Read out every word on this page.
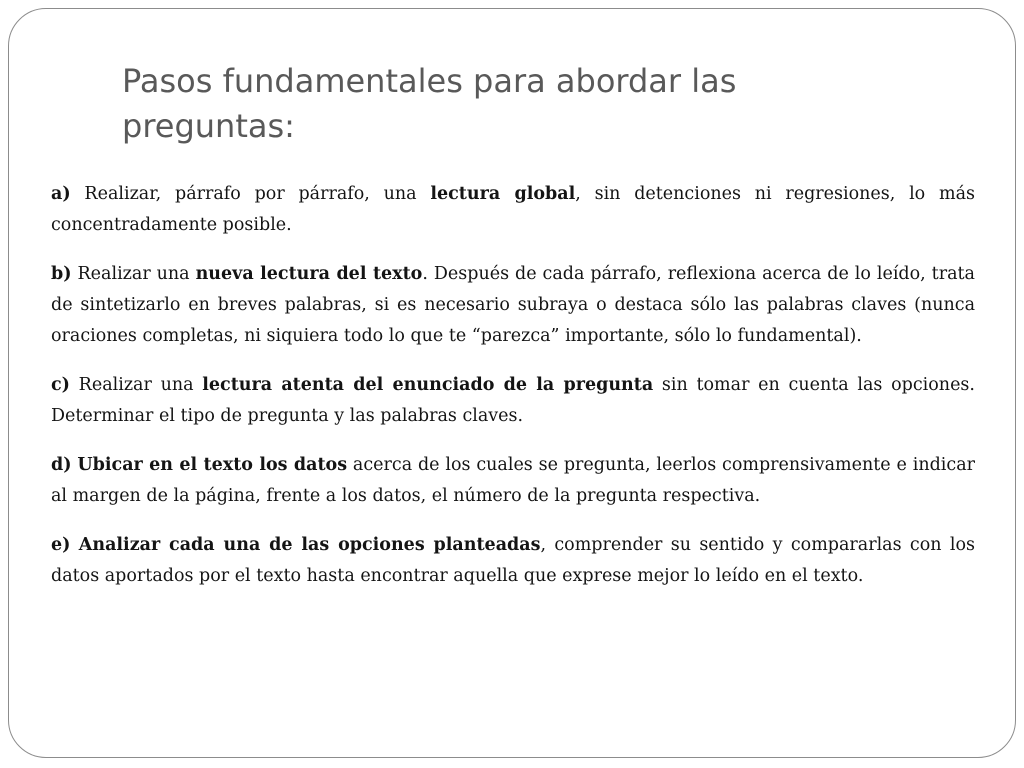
Pasos fundamentales para abordar las preguntas:

a) Realizar, párrafo por párrafo, una lectura global, sin detenciones ni regresiones, lo más concentradamente posible.

b) Realizar una nueva lectura del texto. Después de cada párrafo, reflexiona acerca de lo leído, trata de sintetizarlo en breves palabras, si es necesario subraya o destaca sólo las palabras claves (nunca oraciones completas, ni siquiera todo lo que te “parezca” importante, sólo lo fundamental).

c) Realizar una lectura atenta del enunciado de la pregunta sin tomar en cuenta las opciones. Determinar el tipo de pregunta y las palabras claves.

d) Ubicar en el texto los datos acerca de los cuales se pregunta, leerlos comprensivamente e indicar al margen de la página, frente a los datos, el número de la pregunta respectiva.

e) Analizar cada una de las opciones planteadas, comprender su sentido y compararlas con los datos aportados por el texto hasta encontrar aquella que exprese mejor lo leído en el texto.
